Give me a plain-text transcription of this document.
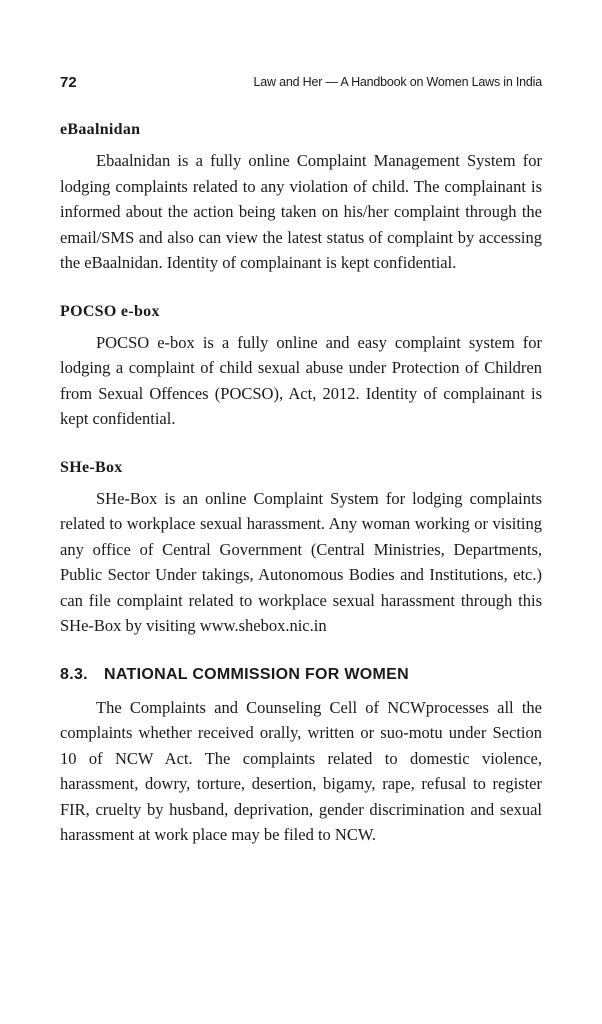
72	Law and Her — A Handbook on Women Laws in India
eBaalnidan

Ebaalnidan is a fully online Complaint Management System for lodging complaints related to any violation of child. The complainant is informed about the action being taken on his/her complaint through the email/SMS and also can view the latest status of complaint by accessing the eBaalnidan. Identity of complainant is kept confidential.

POCSO e-box

POCSO e-box is a fully online and easy complaint system for lodging a complaint of child sexual abuse under Protection of Children from Sexual Offences (POCSO), Act, 2012. Identity of complainant is kept confidential.

SHe-Box

SHe-Box is an online Complaint System for lodging complaints related to workplace sexual harassment. Any woman working or visiting any office of Central Government (Central Ministries, Departments, Public Sector Under takings, Autonomous Bodies and Institutions, etc.) can file complaint related to workplace sexual harassment through this SHe-Box by visiting www.shebox.nic.in

8.3. NATIONAL COMMISSION FOR WOMEN

The Complaints and Counseling Cell of NCWprocesses all the complaints whether received orally, written or suo-motu under Section 10 of NCW Act. The complaints related to domestic violence, harassment, dowry, torture, desertion, bigamy, rape, refusal to register FIR, cruelty by husband, deprivation, gender discrimination and sexual harassment at work place may be filed to NCW.
